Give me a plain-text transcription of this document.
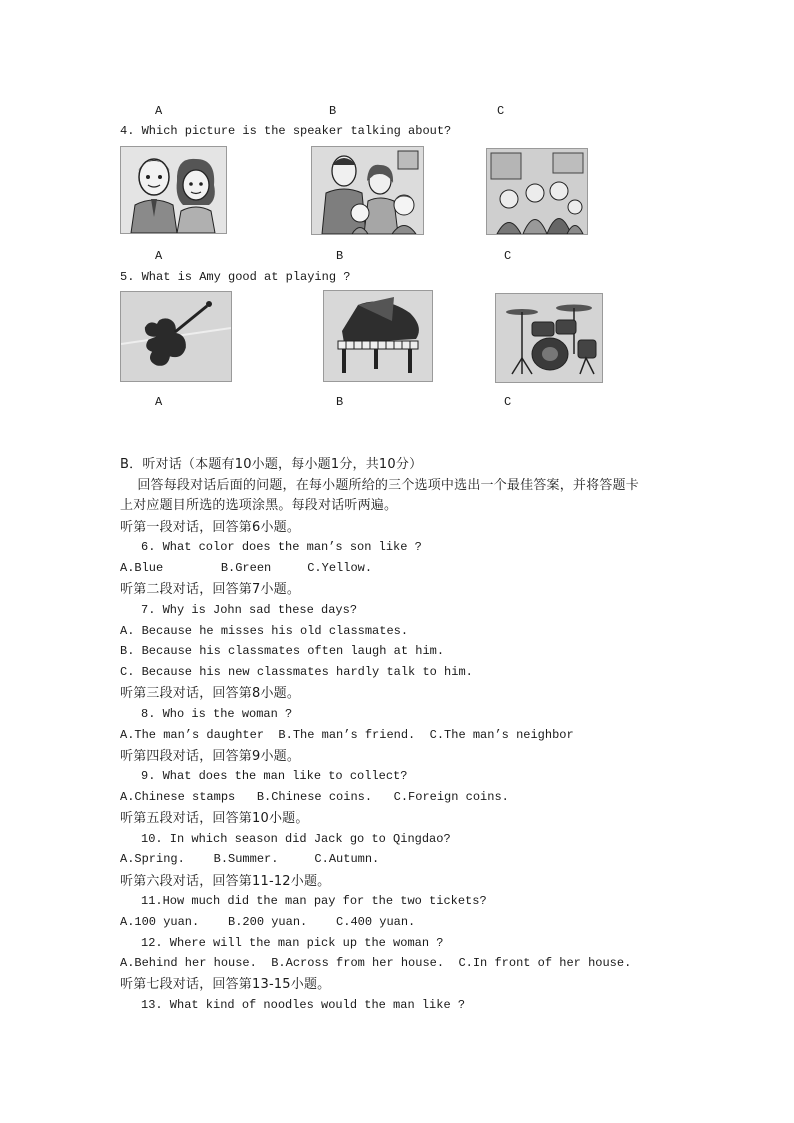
A	B	C
4. Which picture is the speaker talking about?
A	B	C
5. What is Amy good at playing ?
A	B	C
B．听对话（本题有10小题，每小题1分，共10分）
回答每段对话后面的问题，在每小题所给的三个选项中选出一个最佳答案，并将答题卡
上对应题目所选的选项涂黑。每段对话听两遍。
听第一段对话，回答第6小题。
6. What color does the man’s son like ?
A.Blue        B.Green     C.Yellow.
听第二段对话，回答第7小题。
7. Why is John sad these days?
A. Because he misses his old classmates.
B. Because his classmates often laugh at him.
C. Because his new classmates hardly talk to him.
听第三段对话，回答第8小题。
8. Who is the woman ?
A.The man’s daughter  B.The man’s friend.  C.The man’s neighbor
听第四段对话，回答第9小题。
9. What does the man like to collect?
A.Chinese stamps   B.Chinese coins.   C.Foreign coins.
听第五段对话，回答第10小题。
10. In which season did Jack go to Qingdao?
A.Spring.    B.Summer.     C.Autumn.
听第六段对话，回答第11-12小题。
11.How much did the man pay for the two tickets?
A.100 yuan.    B.200 yuan.    C.400 yuan.
12. Where will the man pick up the woman ?
A.Behind her house.  B.Across from her house.  C.In front of her house.
听第七段对话，回答第13-15小题。
13. What kind of noodles would the man like ?
